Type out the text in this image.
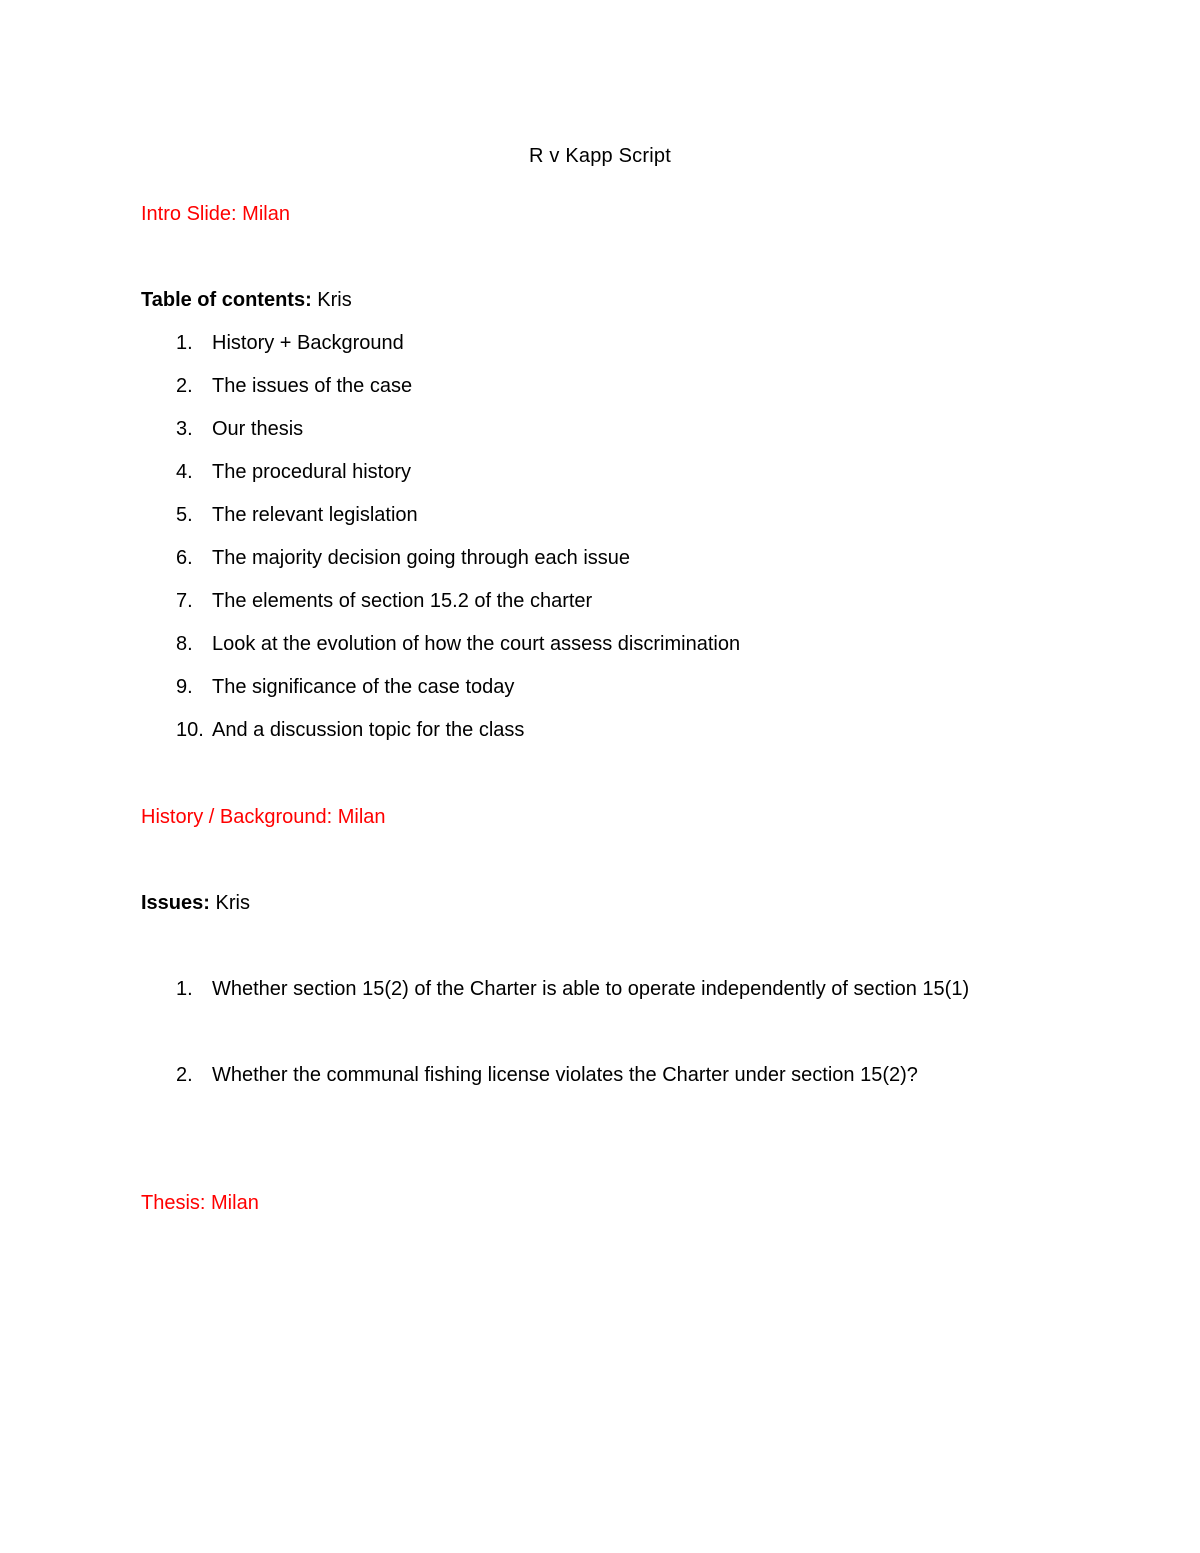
R v Kapp Script
Intro Slide: Milan
Table of contents: Kris
1. History + Background
2. The issues of the case
3. Our thesis
4. The procedural history
5. The relevant legislation
6. The majority decision going through each issue
7. The elements of section 15.2 of the charter
8. Look at the evolution of how the court assess discrimination
9. The significance of the case today
10. And a discussion topic for the class
History / Background: Milan
Issues: Kris
1. Whether section 15(2) of the Charter is able to operate independently of section 15(1)
2. Whether the communal fishing license violates the Charter under section 15(2)?
Thesis: Milan
